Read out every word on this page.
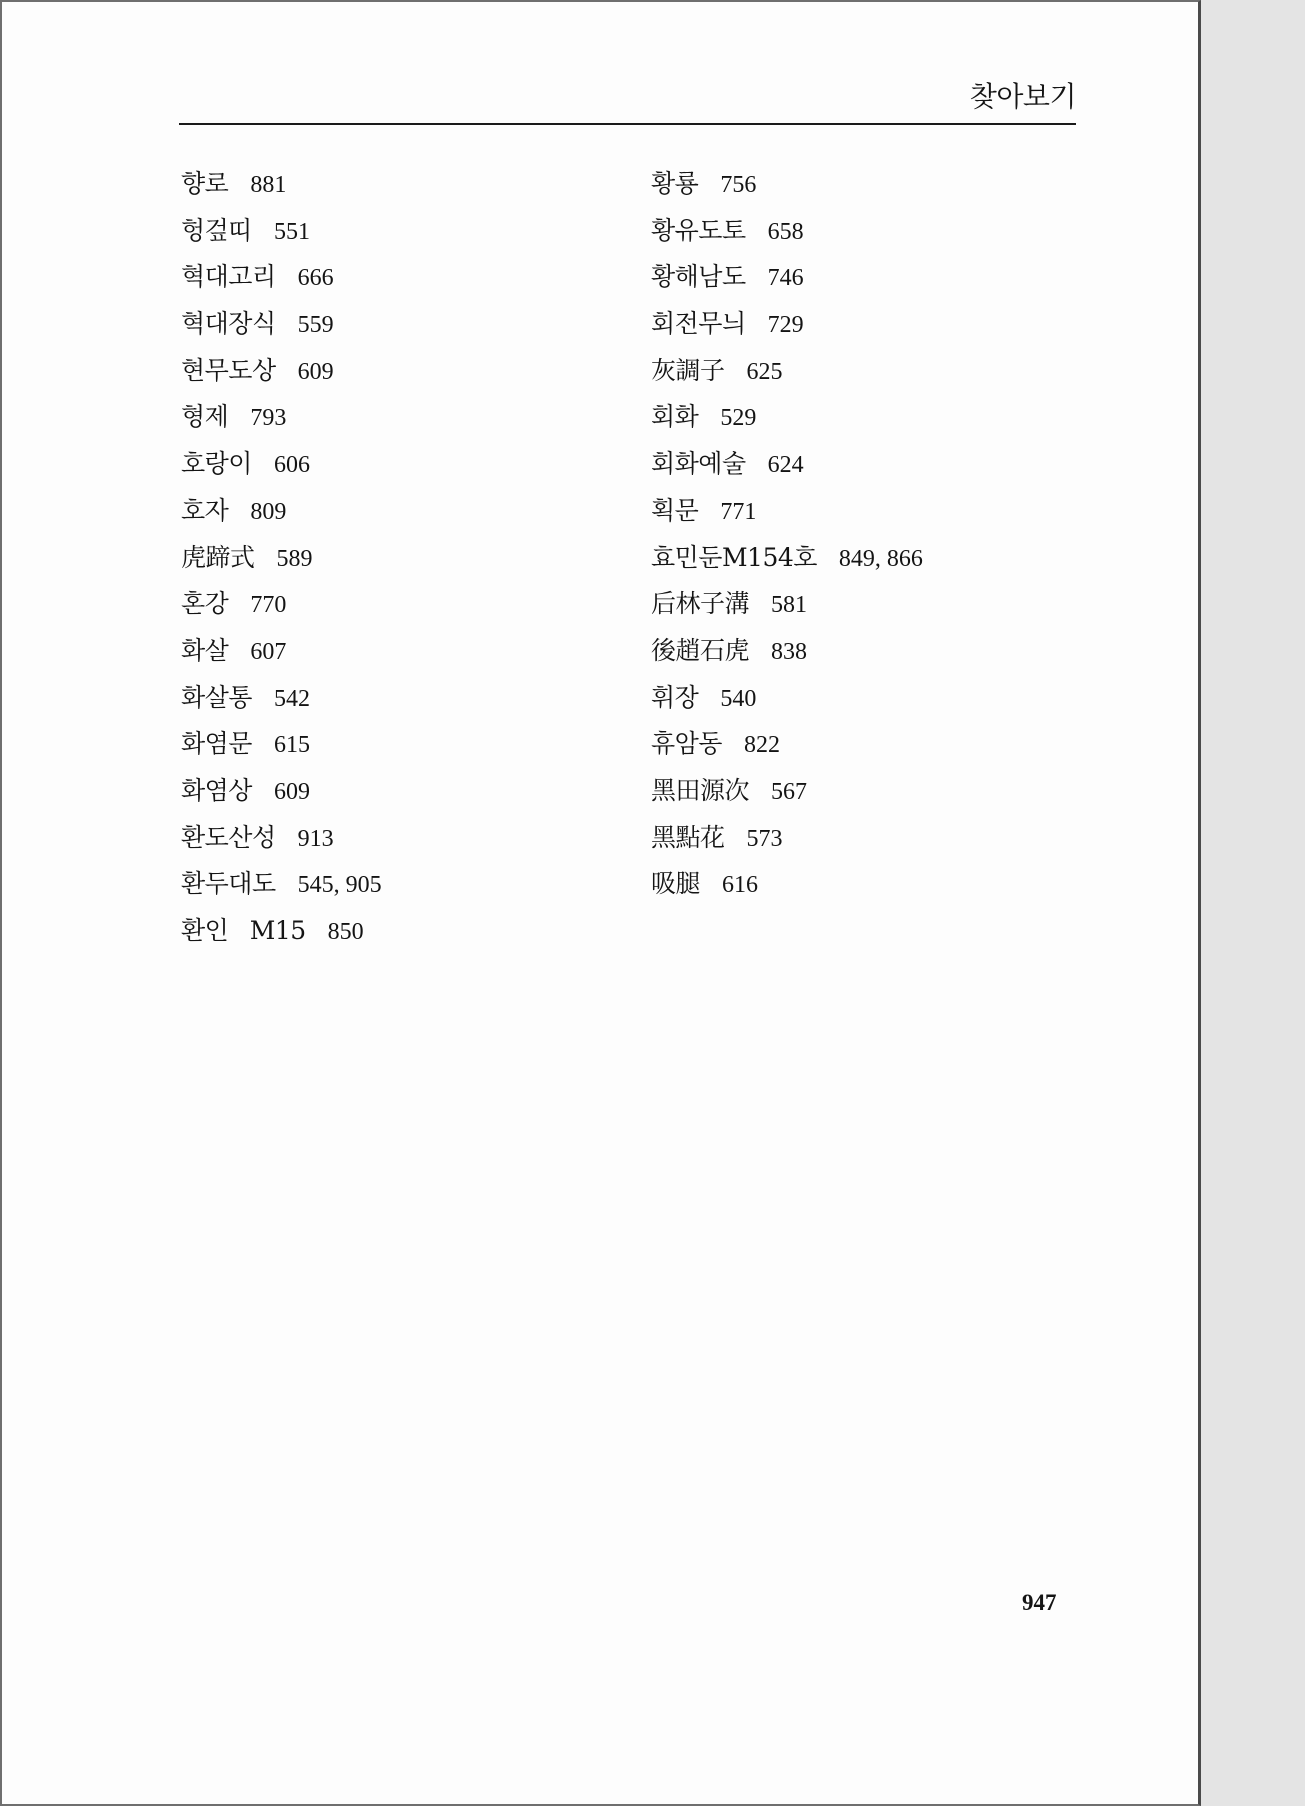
찾아보기
향로 881
헝겊띠 551
혁대고리 666
혁대장식 559
현무도상 609
형제 793
호랑이 606
호자 809
虎蹄式 589
혼강 770
화살 607
화살통 542
화염문 615
화염상 609
환도산성 913
환두대도 545, 905
환인 M15 850
황룡 756
황유도토 658
황해남도 746
회전무늬 729
灰調子 625
회화 529
회화예술 624
획문 771
효민둔M154호 849, 866
后林子溝 581
後趙石虎 838
휘장 540
휴암동 822
黑田源次 567
黑點花 573
吸腿 616
947
